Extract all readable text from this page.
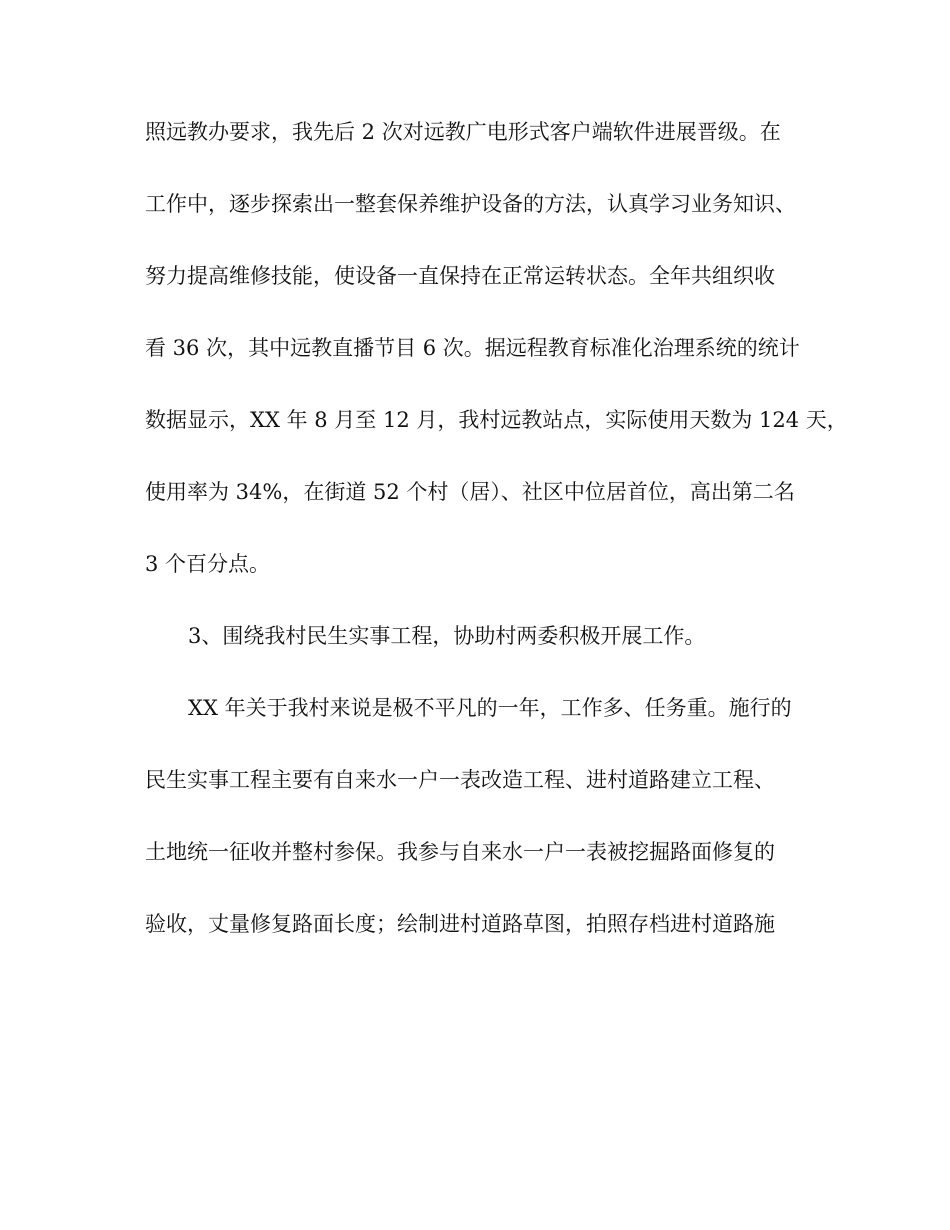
照远教办要求，我先后 2 次对远教广电形式客户端软件进展晋级。在
工作中，逐步探索出一整套保养维护设备的方法，认真学习业务知识、
努力提高维修技能，使设备一直保持在正常运转状态。全年共组织收
看 36 次，其中远教直播节目 6 次。据远程教育标准化治理系统的统计
数据显示，XX 年 8 月至 12 月，我村远教站点，实际使用天数为 124 天，
使用率为 34%，在街道 52 个村（居）、社区中位居首位，高出第二名
3 个百分点。
3、围绕我村民生实事工程，协助村两委积极开展工作。
XX 年关于我村来说是极不平凡的一年，工作多、任务重。施行的
民生实事工程主要有自来水一户一表改造工程、进村道路建立工程、
土地统一征收并整村参保。我参与自来水一户一表被挖掘路面修复的
验收，丈量修复路面长度；绘制进村道路草图，拍照存档进村道路施
